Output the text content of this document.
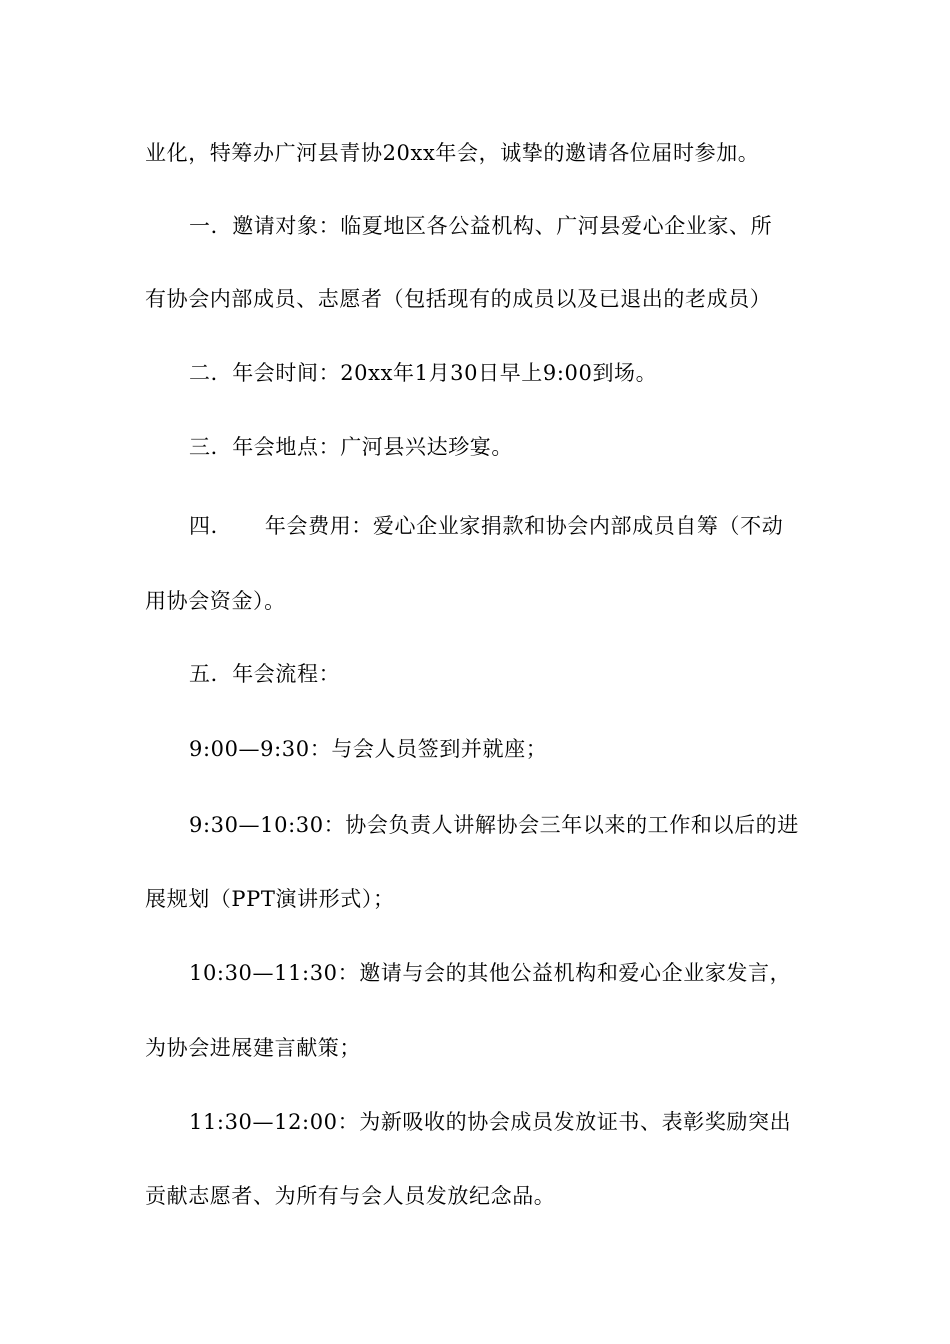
业化，特筹办广河县青协20xx年会，诚挚的邀请各位届时参加。
一．邀请对象：临夏地区各公益机构、广河县爱心企业家、所
有协会内部成员、志愿者（包括现有的成员以及已退出的老成员）
二．年会时间：20xx年1月30日早上9:00到场。
三．年会地点：广河县兴达珍宴。
四．　　年会费用：爱心企业家捐款和协会内部成员自筹（不动
用协会资金）。
五．年会流程：
9:00—9:30：与会人员签到并就座；
9:30—10:30：协会负责人讲解协会三年以来的工作和以后的进
展规划（PPT演讲形式）；
10:30—11:30：邀请与会的其他公益机构和爱心企业家发言，
为协会进展建言献策；
11:30—12:00：为新吸收的协会成员发放证书、表彰奖励突出
贡献志愿者、为所有与会人员发放纪念品。
